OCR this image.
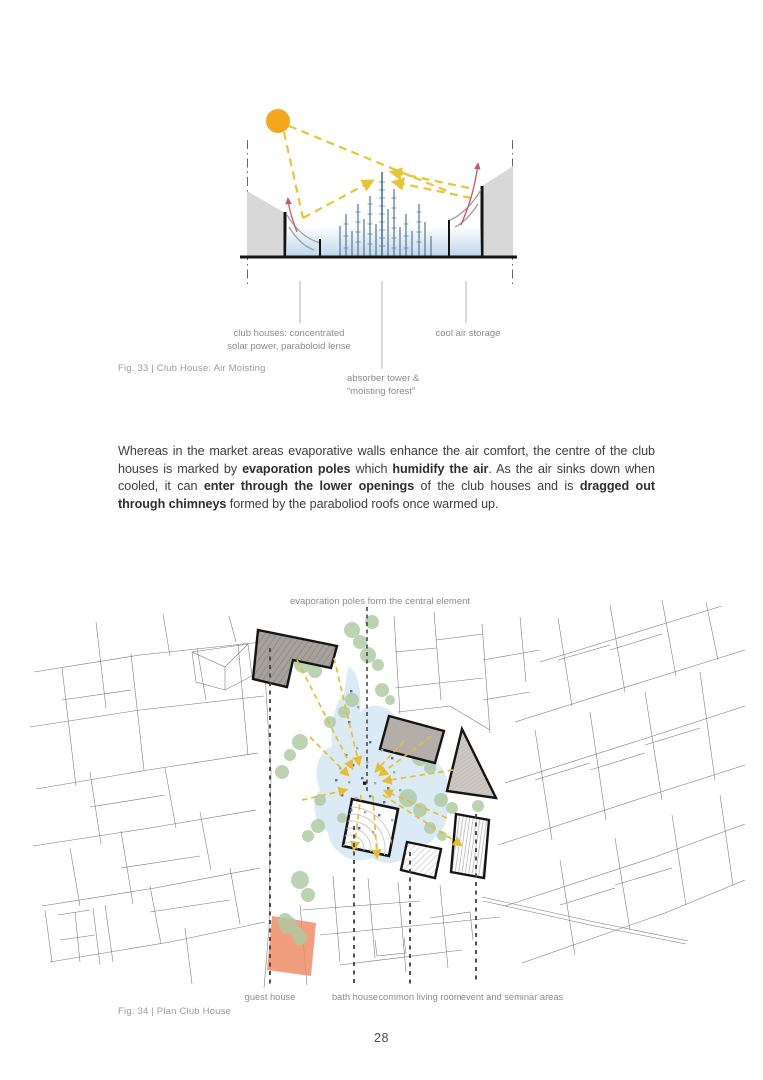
club houses: concentrated
solar power, paraboloid lense
cool air storage
absorber tower &
“moisting forest”
Fig. 33 | Club House: Air Moisting
Whereas in the market areas evaporative walls enhance the air comfort, the centre of the club houses is marked by evaporation poles which humidify the air. As the air sinks down when cooled, it can enter through the lower openings of the club houses and is dragged out through chimneys formed by the paraboliod roofs once warmed up.
evaporation poles form the central element
guest house	bath house common living room event and seminar areas
Fig. 34 | Plan Club House
28
